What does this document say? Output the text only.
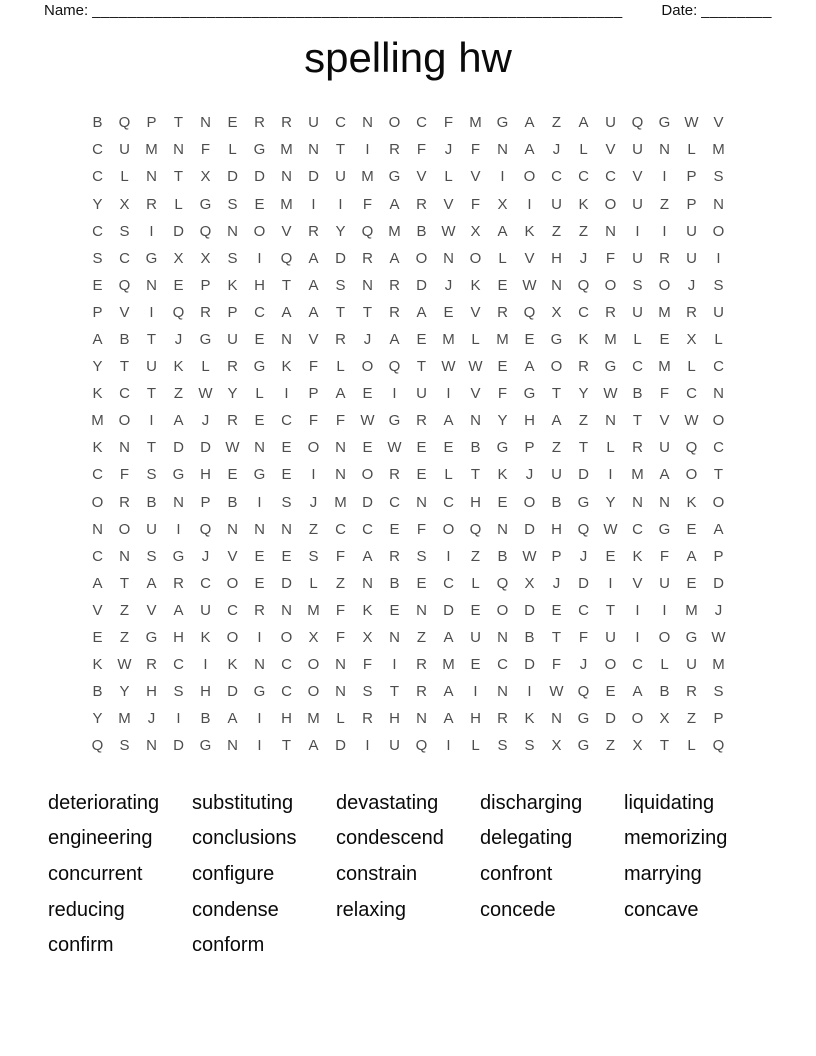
Name: ____________________________________________________________	Date: ________
spelling hw
B	Q	P	T	N	E	R	R	U	C	N	O	C	F	M G	A	Z	A	U	Q	G W V
C	U	M	N	F	L	G M	N	T	I	R	F	J	F	N	A	J	L	V	U	N	L	M
C	L	N	T	X	D	D	N	D	U	M G	V	L	V	I	O	C	C	C	V	I	P	S
Y	X	R	L	G	S	E	M	I	I	F	A	R	V	F	X	I	U	K	O	U	Z	P	N
C	S	I	D	Q	N	O	V	R	Y	Q M	B W X	A	K	Z	Z	N	I	I	U	O
S	C	G	X	X	S	I	Q	A	D	R	A	O	N	O	L	V	H	J	F	U	R	U	I
E	Q	N	E	P	K	H	T	A	S	N	R	D	J	K	E W N	Q	O	S	O	J	S
P	V	I	Q	R	P	C	A	A	T	T	R	A	E	V	R	Q	X	C	R	U	M	R	U
A	B	T	J	G	U	E	N	V	R	J	A	E	M	L	M	E	G	K	M	L	E	X	L
Y	T	U	K	L	R	G	K	F	L	O	Q	T	W W E	A	O	R	G	C	M	L	C
K	C	T	Z	W Y	L	I	P	A	E	I	U	I	V	F	G	T	Y W B	F	C	N
M O	I	A	J	R	E	C	F	F	W G	R	A	N	Y	H	A	Z	N	T	V W O
K	N	T	D	D W N	E	O	N	E W E	E	B	G	P	Z	T	L	R	U	Q	C
C	F	S	G	H	E	G	E	I	N	O	R	E	L	T	K	J	U	D	I	M	A	O	T
O	R	B	N	P	B	I	S	J	M	D	C	N	C	H	E	O	B	G	Y	N	N	K	O
N	O	U	I	Q	N	N	N	Z	C	C	E	F	O	Q	N	D	H	Q W C	G	E	A
C	N	S	G	J	V	E	E	S	F	A	R	S	I	Z	B W P	J	E	K	F	A	P
A	T	A	R	C	O	E	D	L	Z	N	B	E	C	L	Q	X	J	D	I	V	U	E	D
V	Z	V	A	U	C	R	N	M	F	K	E	N	D	E	O	D	E	C	T	I	I	M	J
E	Z	G	H	K	O	I	O	X	F	X	N	Z	A	U	N	B	T	F	U	I	O	G W
K W R	C	I	K	N	C	O	N	F	I	R	M	E	C	D	F	J	O	C	L	U	M
B	Y	H	S	H	D	G	C	O	N	S	T	R	A	I	N	I	W Q	E	A	B	R	S
Y	M	J	I	B	A	I	H	M	L	R	H	N	A	H	R	K	N	G	D	O	X	Z	P
Q	S	N	D	G	N	I	T	A	D	I	U	Q	I	L	S	S	X	G	Z	X	T	L	Q
deteriorating	substituting	devastating	discharging	liquidating
engineering	conclusions	condescend	delegating	memorizing
concurrent	configure	constrain	confront	marrying
reducing	condense	relaxing	concede	concave
confirm	conform
